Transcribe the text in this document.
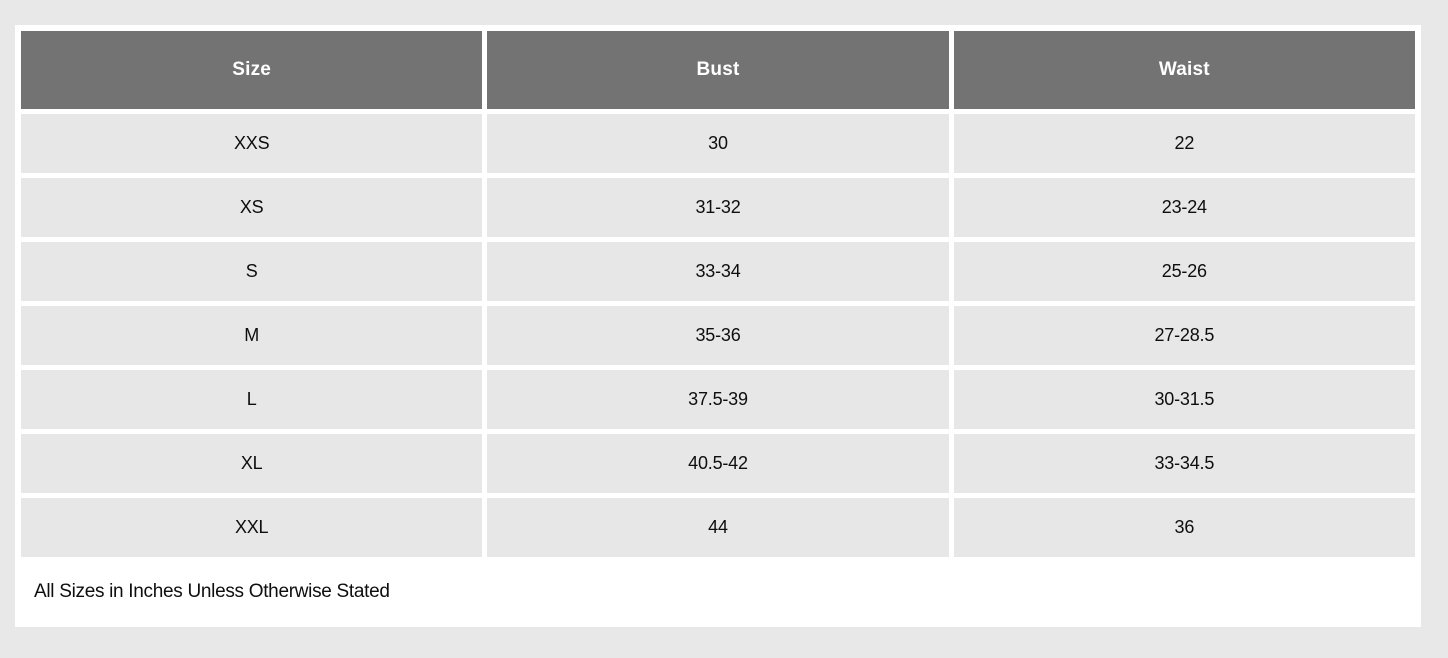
Size	Bust	Waist
XXS	30	22
XS	31-32	23-24
S	33-34	25-26
M	35-36	27-28.5
L	37.5-39	30-31.5
XL	40.5-42	33-34.5
XXL	44	36
All Sizes in Inches Unless Otherwise Stated
